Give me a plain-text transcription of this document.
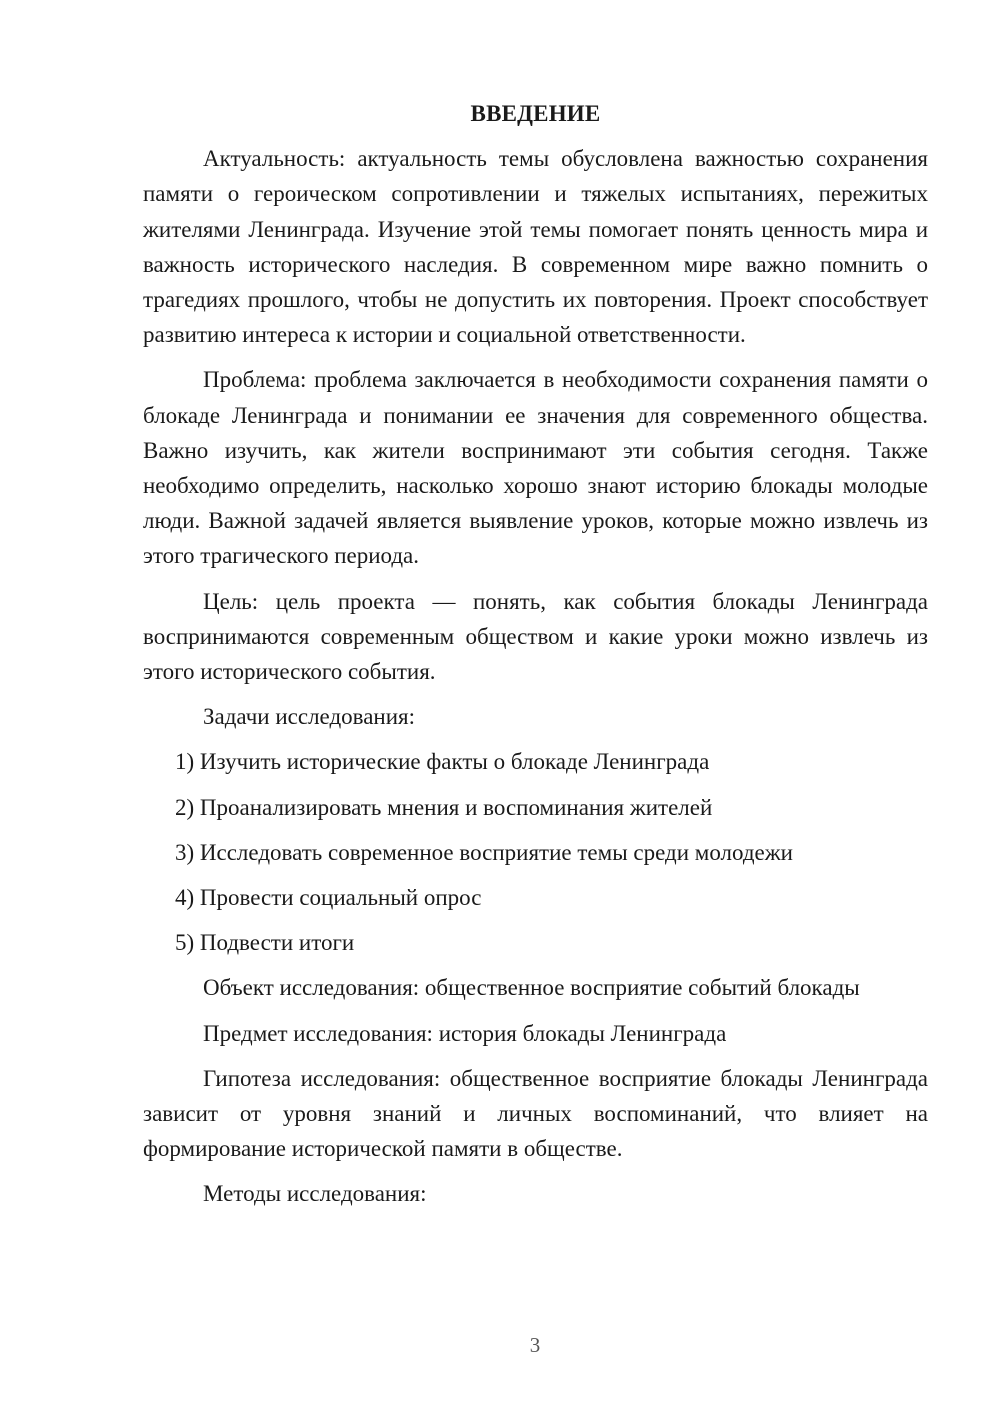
ВВЕДЕНИЕ

Актуальность: актуальность темы обусловлена важностью сохранения памяти о героическом сопротивлении и тяжелых испытаниях, пережитых жителями Ленинграда. Изучение этой темы помогает понять ценность мира и важность исторического наследия. В современном мире важно помнить о трагедиях прошлого, чтобы не допустить их повторения. Проект способствует развитию интереса к истории и социальной ответственности.

Проблема: проблема заключается в необходимости сохранения памяти о блокаде Ленинграда и понимании ее значения для современного общества. Важно изучить, как жители воспринимают эти события сегодня. Также необходимо определить, насколько хорошо знают историю блокады молодые люди. Важной задачей является выявление уроков, которые можно извлечь из этого трагического периода.

Цель: цель проекта — понять, как события блокады Ленинграда воспринимаются современным обществом и какие уроки можно извлечь из этого исторического события.

Задачи исследования:

1) Изучить исторические факты о блокаде Ленинграда
2) Проанализировать мнения и воспоминания жителей
3) Исследовать современное восприятие темы среди молодежи
4) Провести социальный опрос
5) Подвести итоги

Объект исследования: общественное восприятие событий блокады

Предмет исследования: история блокады Ленинграда

Гипотеза исследования: общественное восприятие блокады Ленинграда зависит от уровня знаний и личных воспоминаний, что влияет на формирование исторической памяти в обществе.

Методы исследования:

3
